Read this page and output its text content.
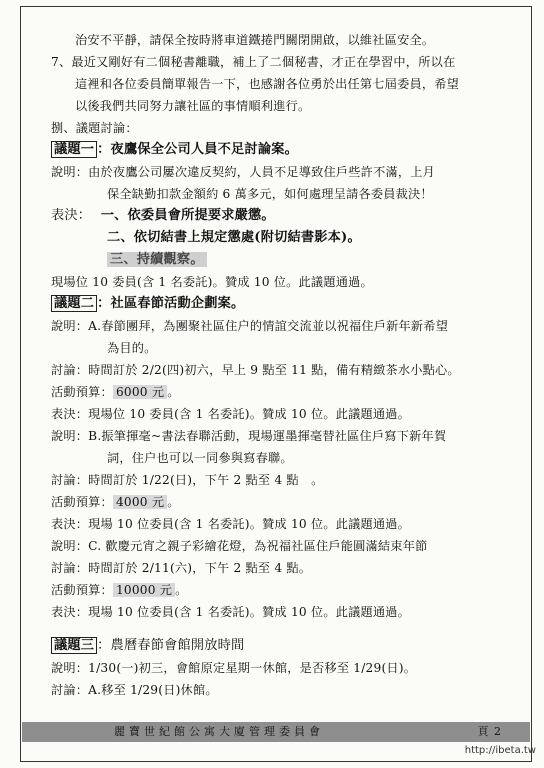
治安不平靜，請保全按時將車道鐵捲門關閉開啟，以維社區安全。
7、最近又剛好有二個秘書離職，補上了二個秘書，才正在學習中，所以在
這裡和各位委員簡單報告一下，也感謝各位勇於出任第七屆委員，希望
以後我們共同努力讓社區的事情順利進行。
捌、議題討論：
議題一 ：夜鷹保全公司人員不足討論案。
說明：由於夜鷹公司屢次違反契約，人員不足導致住戶些許不滿，上月
保全缺勤扣款金額約 6 萬多元，如何處理呈請各委員裁決！
表決： 一、依委員會所提要求嚴懲。
二、依切結書上規定懲處(附切結書影本)。
三、持續觀察。
現場位 10 委員(含 1 名委託)。贊成 10 位。此議題通過。
議題二 ：社區春節活動企劃案。
說明：A.春節團拜，為團聚社區住户的情誼交流並以祝福住戶新年新希望
為目的。
討論：時間訂於 2/2(四)初六，早上 9 點至 11 點，備有精緻茶水小點心。
活動預算： 6000 元 。
表決：現場位 10 委員(含 1 名委託)。贊成 10 位。此議題通過。
說明：B.振筆揮毫~書法春聯活動，現場運墨揮毫替社區住戶寫下新年賀
詞，住户也可以一同參與寫春聯。
討論：時間訂於 1/22(日)，下午 2 點至 4 點　。
活動預算： 4000 元 。
表決：現場 10 位委員(含 1 名委託)。贊成 10 位。此議題通過。
說明：C. 歡慶元宵之親子彩繪花燈，為祝福社區住戶能圓滿結束年節
討論：時間訂於 2/11(六)，下午 2 點至 4 點。
活動預算： 10000 元 。
表決：現場 10 位委員(含 1 名委託)。贊成 10 位。此議題通過。
議題三 ：農曆春節會館開放時間
說明：1/30(一)初三，會館原定星期一休館，是否移至 1/29(日)。
討論：A.移至 1/29(日)休館。
麗寶世紀館公寓大廈管理委員會	頁 2
http://ibeta.tw
